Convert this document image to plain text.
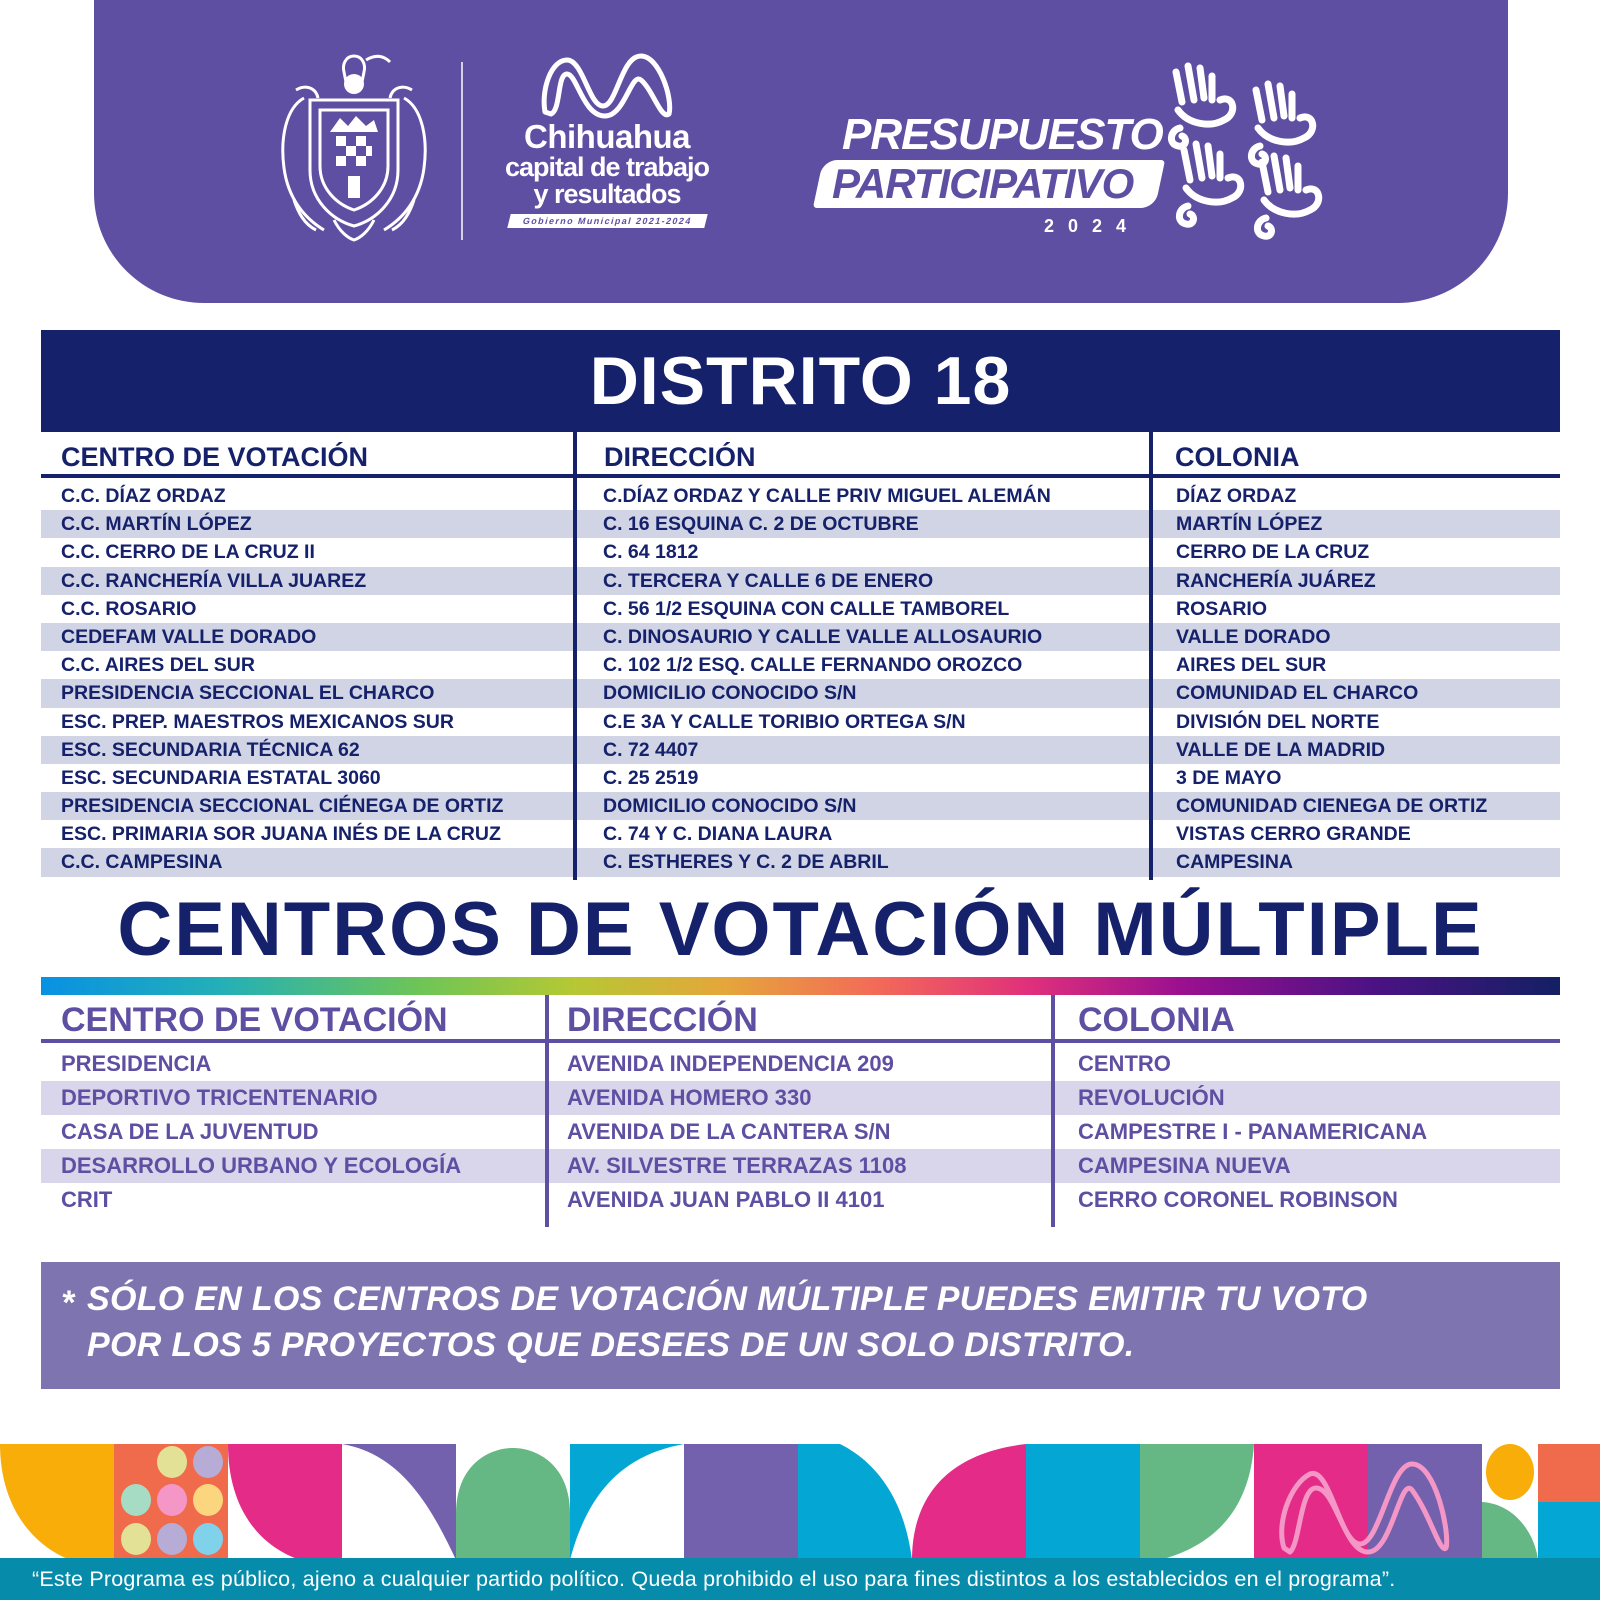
Chihuahua
capital de trabajo
y resultados
Gobierno Municipal 2021-2024
PRESUPUESTO
PARTICIPATIVO
2024
DISTRITO 18
CENTRO DE VOTACIÓN	DIRECCIÓN	COLONIA
C.C. DÍAZ ORDAZ	C.DÍAZ ORDAZ Y CALLE PRIV MIGUEL ALEMÁN	DÍAZ ORDAZ
C.C. MARTÍN LÓPEZ	C. 16 ESQUINA C. 2 DE OCTUBRE	MARTÍN LÓPEZ
C.C. CERRO DE LA CRUZ II	C. 64 1812	CERRO DE LA CRUZ
C.C. RANCHERÍA VILLA JUAREZ	C. TERCERA Y CALLE 6 DE ENERO	RANCHERÍA JUÁREZ
C.C. ROSARIO	C. 56 1/2 ESQUINA CON CALLE TAMBOREL	ROSARIO
CEDEFAM VALLE DORADO	C. DINOSAURIO Y CALLE VALLE ALLOSAURIO	VALLE DORADO
C.C. AIRES DEL SUR	C. 102 1/2 ESQ. CALLE FERNANDO OROZCO	AIRES DEL SUR
PRESIDENCIA SECCIONAL EL CHARCO	DOMICILIO CONOCIDO S/N	COMUNIDAD EL CHARCO
ESC. PREP. MAESTROS MEXICANOS SUR	C.E 3A Y CALLE TORIBIO ORTEGA S/N	DIVISIÓN DEL NORTE
ESC. SECUNDARIA TÉCNICA 62	C. 72 4407	VALLE DE LA MADRID
ESC. SECUNDARIA ESTATAL 3060	C. 25 2519	3 DE MAYO
PRESIDENCIA SECCIONAL CIÉNEGA DE ORTIZ	DOMICILIO CONOCIDO S/N	COMUNIDAD CIENEGA DE ORTIZ
ESC. PRIMARIA SOR JUANA INÉS DE LA CRUZ	C. 74 Y C. DIANA LAURA	VISTAS CERRO GRANDE
C.C. CAMPESINA	C. ESTHERES Y C. 2 DE ABRIL	CAMPESINA
CENTROS DE VOTACIÓN MÚLTIPLE
CENTRO DE VOTACIÓN	DIRECCIÓN	COLONIA
PRESIDENCIA	AVENIDA INDEPENDENCIA 209	CENTRO
DEPORTIVO TRICENTENARIO	AVENIDA HOMERO 330	REVOLUCIÓN
CASA DE LA JUVENTUD	AVENIDA DE LA CANTERA S/N	CAMPESTRE I - PANAMERICANA
DESARROLLO URBANO Y ECOLOGÍA	AV. SILVESTRE TERRAZAS 1108	CAMPESINA NUEVA
CRIT	AVENIDA JUAN PABLO II 4101	CERRO CORONEL ROBINSON
* SÓLO EN LOS CENTROS DE VOTACIÓN MÚLTIPLE PUEDES EMITIR TU VOTO
POR LOS 5 PROYECTOS QUE DESEES DE UN SOLO DISTRITO.
“Este Programa es público, ajeno a cualquier partido político. Queda prohibido el uso para fines distintos a los establecidos en el programa”.
